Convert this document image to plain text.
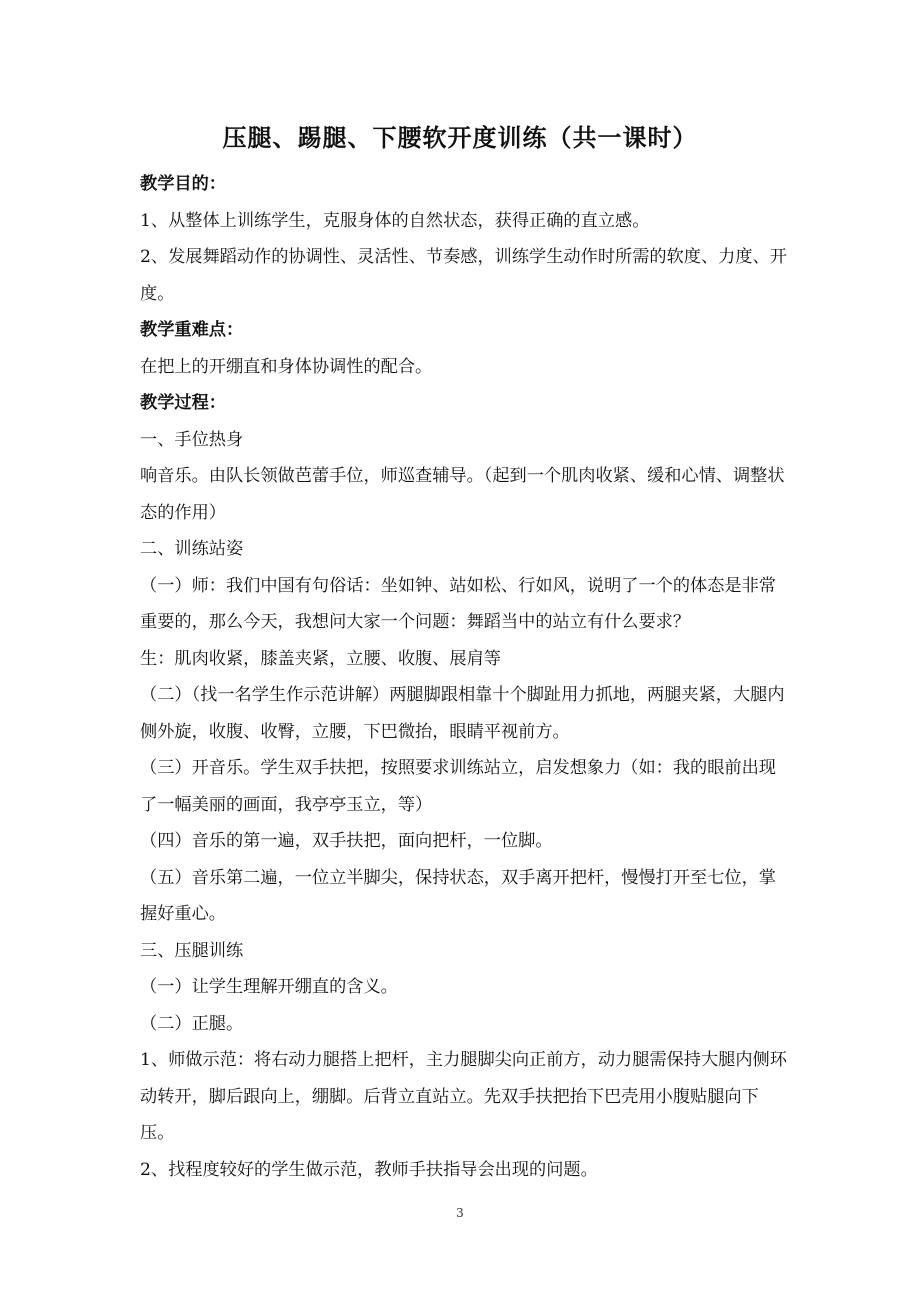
压腿、踢腿、下腰软开度训练（共一课时）

教学目的：

1、从整体上训练学生，克服身体的自然状态，获得正确的直立感。

2、发展舞蹈动作的协调性、灵活性、节奏感，训练学生动作时所需的软度、力度、开度。

教学重难点：

在把上的开绷直和身体协调性的配合。

教学过程：

一、手位热身

响音乐。由队长领做芭蕾手位，师巡查辅导。（起到一个肌肉收紧、缓和心情、调整状态的作用）

二、训练站姿

（一）师：我们中国有句俗话：坐如钟、站如松、行如风，说明了一个的体态是非常重要的，那么今天，我想问大家一个问题：舞蹈当中的站立有什么要求？

生：肌肉收紧，膝盖夹紧，立腰、收腹、展肩等

（二）（找一名学生作示范讲解）两腿脚跟相靠十个脚趾用力抓地，两腿夹紧，大腿内侧外旋，收腹、收臀，立腰，下巴微抬，眼睛平视前方。

（三）开音乐。学生双手扶把，按照要求训练站立，启发想象力（如：我的眼前出现了一幅美丽的画面，我亭亭玉立，等）

（四）音乐的第一遍，双手扶把，面向把杆，一位脚。

（五）音乐第二遍，一位立半脚尖，保持状态，双手离开把杆，慢慢打开至七位，掌握好重心。

三、压腿训练

（一）让学生理解开绷直的含义。

（二）正腿。

1、师做示范：将右动力腿搭上把杆，主力腿脚尖向正前方，动力腿需保持大腿内侧环动转开，脚后跟向上，绷脚。后背立直站立。先双手扶把抬下巴壳用小腹贴腿向下压。

2、找程度较好的学生做示范，教师手扶指导会出现的问题。

3
